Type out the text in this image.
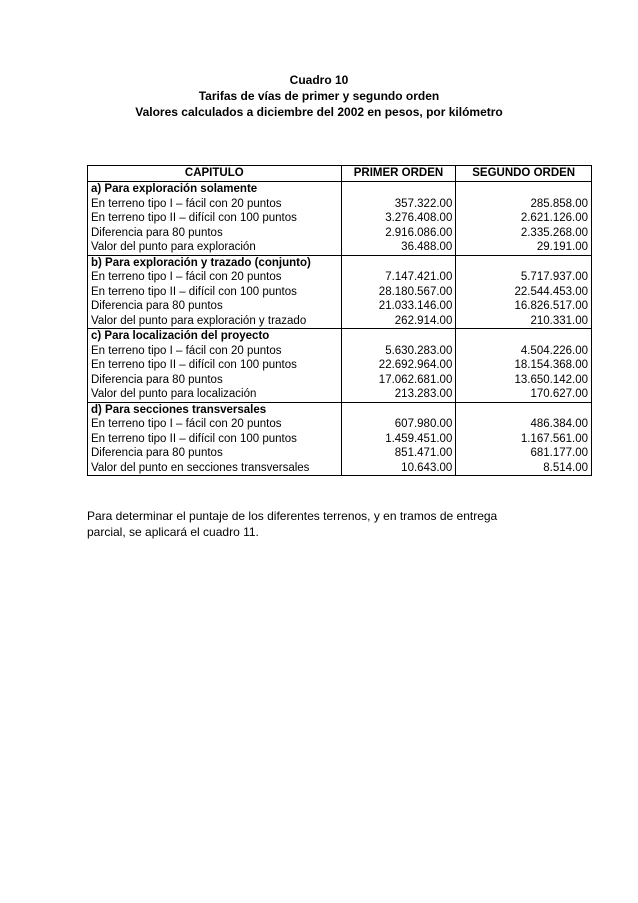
Cuadro 10
Tarifas de vías de primer y segundo orden
Valores calculados a diciembre del 2002 en pesos, por kilómetro
CAPITULO	PRIMER ORDEN	SEGUNDO ORDEN
a) Para exploración solamente		
En terreno tipo I – fácil con 20 puntos	357.322.00	285.858.00
En terreno tipo II – difícil con 100 puntos	3.276.408.00	2.621.126.00
Diferencia para 80 puntos	2.916.086.00	2.335.268.00
Valor del punto para exploración	36.488.00	29.191.00
b) Para exploración y trazado (conjunto)		
En terreno tipo I – fácil con 20 puntos	7.147.421.00	5.717.937.00
En terreno tipo II – difícil con 100 puntos	28.180.567.00	22.544.453.00
Diferencia para 80 puntos	21.033.146.00	16.826.517.00
Valor del punto para exploración y trazado	262.914.00	210.331.00
c) Para localización del proyecto		
En terreno tipo I – fácil con 20 puntos	5.630.283.00	4.504.226.00
En terreno tipo II – difícil con 100 puntos	22.692.964.00	18.154.368.00
Diferencia para 80 puntos	17.062.681.00	13.650.142.00
Valor del punto para localización	213.283.00	170.627.00
d) Para secciones transversales		
En terreno tipo I – fácil con 20 puntos	607.980.00	486.384.00
En terreno tipo II – difícil con 100 puntos	1.459.451.00	1.167.561.00
Diferencia para 80 puntos	851.471.00	681.177.00
Valor del punto en secciones transversales	10.643.00	8.514.00
Para determinar el puntaje de los diferentes terrenos, y en tramos de entrega
parcial, se aplicará el cuadro 11.
